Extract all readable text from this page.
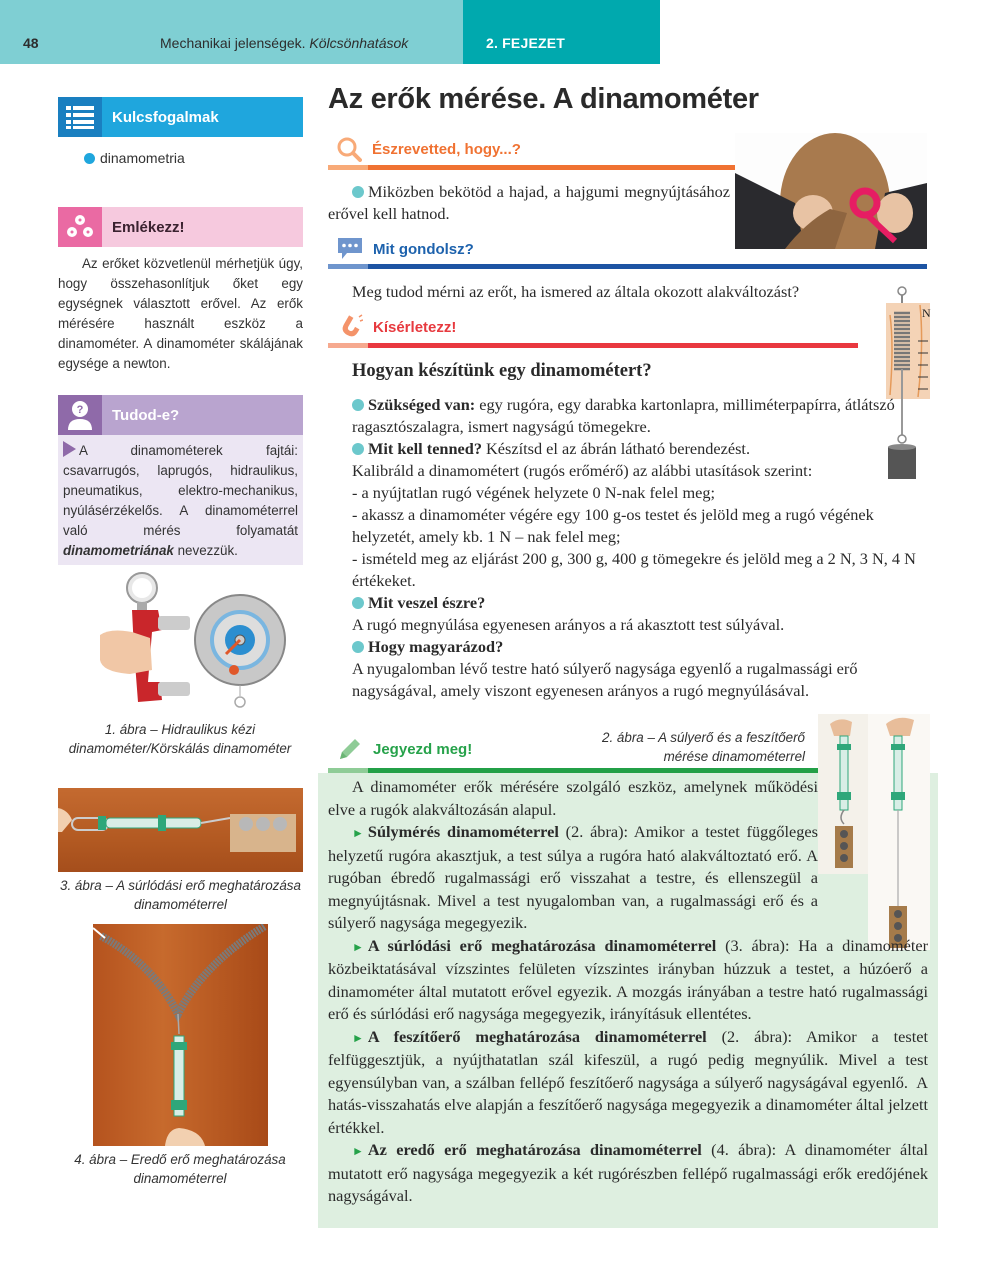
48	Mechanikai jelenségek. Kölcsönhatások	2. FEJEZET
Kulcsfogalmak
dinamometria
Emlékezz!
Az erőket közvetlenül mérhetjük úgy, hogy összehasonlítjuk őket egy egységnek választott erővel. Az erők mérésére használt eszköz a dinamométer. A dinamométer skálájának egysége a newton.
?	Tudod-e?
A dinamométerek fajtái: csavarrugós, laprugós, hidraulikus, pneumatikus, elektro-mechanikus, nyúlásérzékelős. A dinamométerrel való mérés folyamatát dinamometriának nevezzük.
1. ábra – Hidraulikus kézi dinamométer/Körskálás dinamométer
3. ábra – A súrlódási erő meghatározása dinamométerrel
4. ábra – Eredő erő meghatározása dinamométerrel
Az erők mérése. A dinamométer
Észrevetted, hogy...?
Miközben bekötöd a hajad, a hajgumi megnyújtásához erővel kell hatnod.
Mit gondolsz?
Meg tudod mérni az erőt, ha ismered az általa okozott alakváltozást?
Kísérletezz!
Hogyan készítünk egy dinamométert?
N
Szükséged van: egy rugóra, egy darabka kartonlapra, milliméterpapírra, átlátszó ragasztószalagra, ismert nagyságú tömegekre.
Mit kell tenned? Készítsd el az ábrán látható berendezést.
Kalibráld a dinamométert (rugós erőmérő) az alábbi utasítások szerint:
- a nyújtatlan rugó végének helyzete 0 N-nak felel meg;
- akassz a dinamométer végére egy 100 g-os testet és jelöld meg a rugó végének helyzetét, amely kb. 1 N – nak felel meg;
- ismételd meg az eljárást 200 g, 300 g, 400 g tömegekre és jelöld meg a 2 N, 3 N, 4 N értékeket.
Mit veszel észre?
A rugó megnyúlása egyenesen arányos a rá akasztott test súlyával.
Hogy magyarázod?
A nyugalomban lévő testre ható súlyerő nagysága egyenlő a rugalmassági erő nagyságával, amely viszont egyenesen arányos a rugó megnyúlásával.
Jegyezd meg!
2. ábra – A súlyerő és a feszítőerő mérése dinamométerrel
A dinamométer erők mérésére szolgáló eszköz, amelynek működési elve a rugók alakváltozásán alapul.
► Súlymérés dinamométerrel (2. ábra): Amikor a testet függőleges helyzetű rugóra akasztjuk, a test súlya a rugóra ható alakváltoztató erő. A rugóban ébredő rugalmassági erő visszahat a testre, és ellenszegül a megnyújtásnak. Mivel a test nyugalomban van, a rugalmassági erő és a súlyerő nagysága megegyezik.
► A súrlódási erő meghatározása dinamométerrel (3. ábra): Ha a dinamométer közbeiktatásával vízszintes felületen vízszintes irányban húzzuk a testet, a húzóerő a dinamométer által mutatott erővel egyezik. A mozgás irányában a testre ható rugalmassági erő és súrlódási erő nagysága megegyezik, irányításuk ellentétes.
► A feszítőerő meghatározása dinamométerrel (2. ábra): Amikor a testet felfüggesztjük, a nyújthatatlan szál kifeszül, a rugó pedig megnyúlik. Mivel a test egyensúlyban van, a szálban fellépő feszítőerő nagysága a súlyerő nagyságával egyenlő.  A hatás-visszahatás elve alapján a feszítőerő nagysága megegyezik a dinamométer által jelzett értékkel.
► Az eredő erő meghatározása dinamométerrel (4. ábra): A dinamométer által mutatott erő nagysága megegyezik a két rugórészben fellépő rugalmassági erők eredőjének nagyságával.
